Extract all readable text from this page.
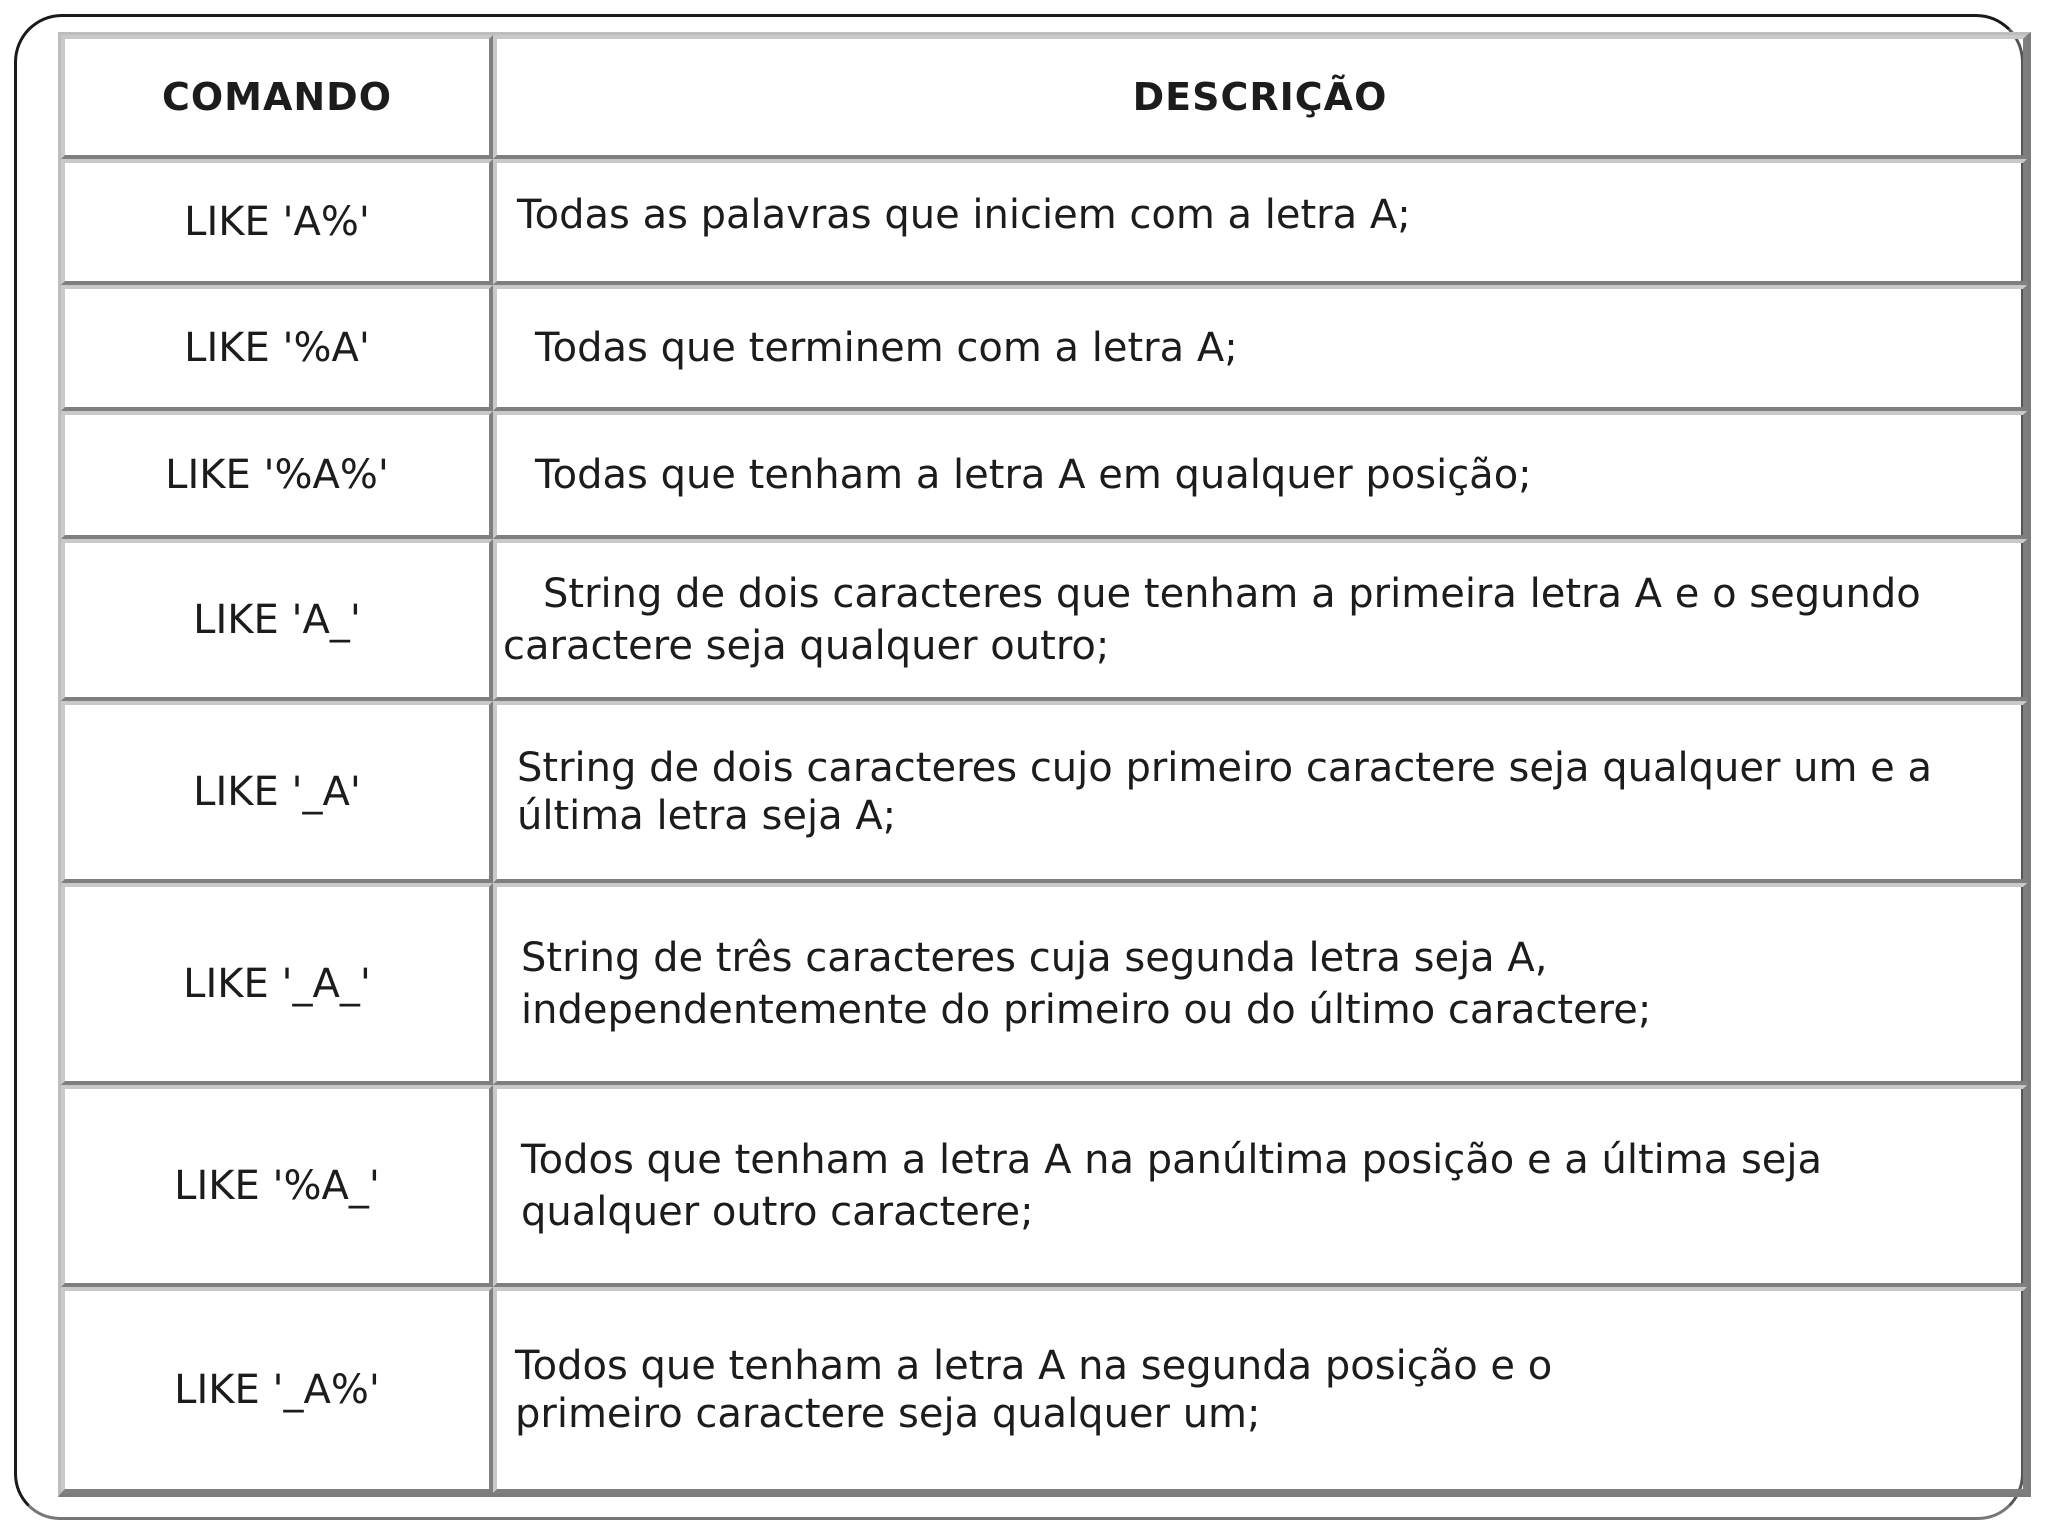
COMANDO	DESCRIÇÃO
LIKE 'A%'	Todas as palavras que iniciem com a letra A;
LIKE '%A'	Todas que terminem com a letra A;
LIKE '%A%'	Todas que tenham a letra A em qualquer posição;
LIKE 'A_'	String de dois caracteres que tenham a primeira letra A e o segundo caractere seja qualquer outro;
LIKE '_A'	String de dois caracteres cujo primeiro caractere seja qualquer um e a última letra seja A;
LIKE '_A_'	String de três caracteres cuja segunda letra seja A, independentemente do primeiro ou do último caractere;
LIKE '%A_'	Todos que tenham a letra A na panúltima posição e a última seja qualquer outro caractere;
LIKE '_A%'	Todos que tenham a letra A na segunda posição e o primeiro caractere seja qualquer um;
